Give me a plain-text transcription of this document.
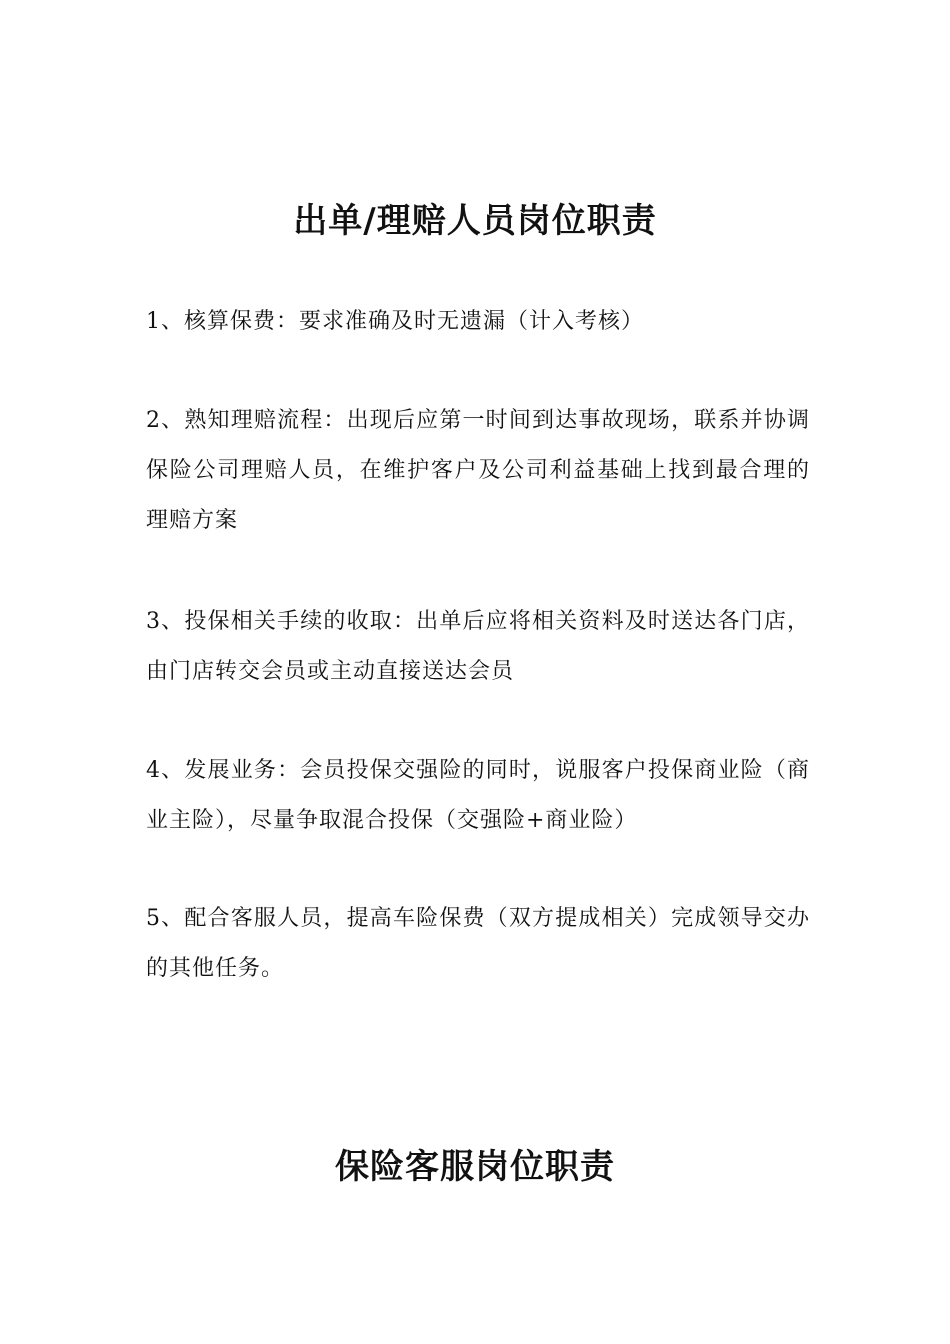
出单/理赔人员岗位职责

1、核算保费：要求准确及时无遗漏（计入考核）

2、熟知理赔流程：出现后应第一时间到达事故现场，联系并协调保险公司理赔人员，在维护客户及公司利益基础上找到最合理的理赔方案

3、投保相关手续的收取：出单后应将相关资料及时送达各门店，由门店转交会员或主动直接送达会员

4、发展业务：会员投保交强险的同时，说服客户投保商业险（商业主险），尽量争取混合投保（交强险+商业险）

5、配合客服人员，提高车险保费（双方提成相关）完成领导交办的其他任务。

保险客服岗位职责
